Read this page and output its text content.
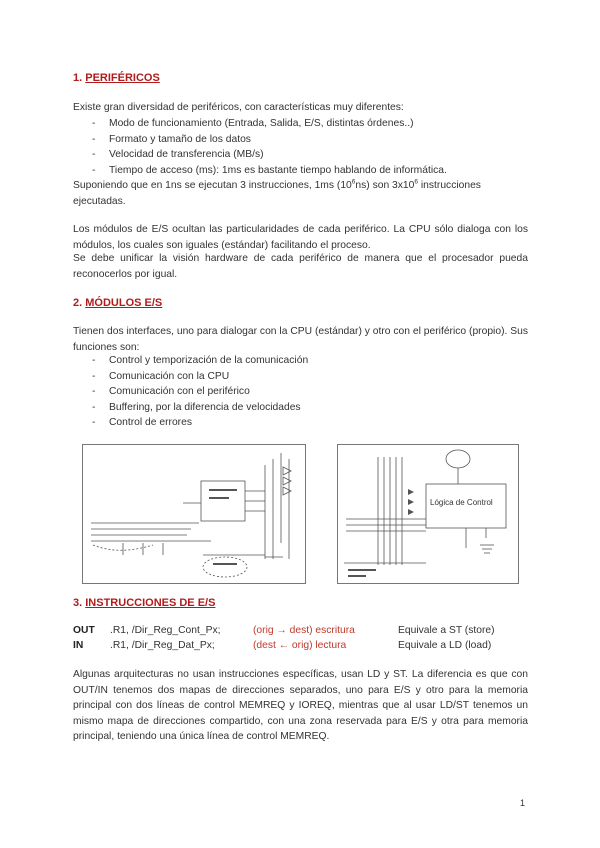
1. PERIFÉRICOS
Existe gran diversidad de periféricos, con características muy diferentes:
- Modo de funcionamiento (Entrada, Salida, E/S, distintas órdenes..)
- Formato y tamaño de los datos
- Velocidad de transferencia (MB/s)
- Tiempo de acceso (ms): 1ms es bastante tiempo hablando de informática.
Suponiendo que en 1ns se ejecutan 3 instrucciones, 1ms $(10^6ns)$ son $3x10^6$ instrucciones
ejecutadas.
Los módulos de E/S ocultan las particularidades de cada periférico. La CPU sólo dialoga con los módulos, los cuales son iguales (estándar) facilitando el proceso.
Se debe unificar la visión hardware de cada periférico de manera que el procesador pueda reconocerlos por igual.
2. MÓDULOS E/S
Tienen dos interfaces, uno para dialogar con la CPU (estándar) y otro con el periférico (propio). Sus funciones son:
- Control y temporización de la comunicación
- Comunicación con la CPU
- Comunicación con el periférico
- Buffering, por la diferencia de velocidades
- Control de errores
Lógica de Control
3. INSTRUCCIONES DE E/S
OUT .R1, /Dir_Reg_Cont_Px;	(orig → dest) escritura	Equivale a ST (store)
IN	.R1, /Dir_Reg_Dat_Px;	(dest ← orig) lectura	Equivale a LD (load)
Algunas arquitecturas no usan instrucciones específicas, usan LD y ST. La diferencia es que con OUT/IN tenemos dos mapas de direcciones separados, uno para E/S y otro para la memoria principal con dos líneas de control MEMREQ y IOREQ, mientras que al usar LD/ST tenemos un mismo mapa de direcciones compartido, con una zona reservada para E/S y otra para memoria principal, teniendo una única línea de control MEMREQ.
1
